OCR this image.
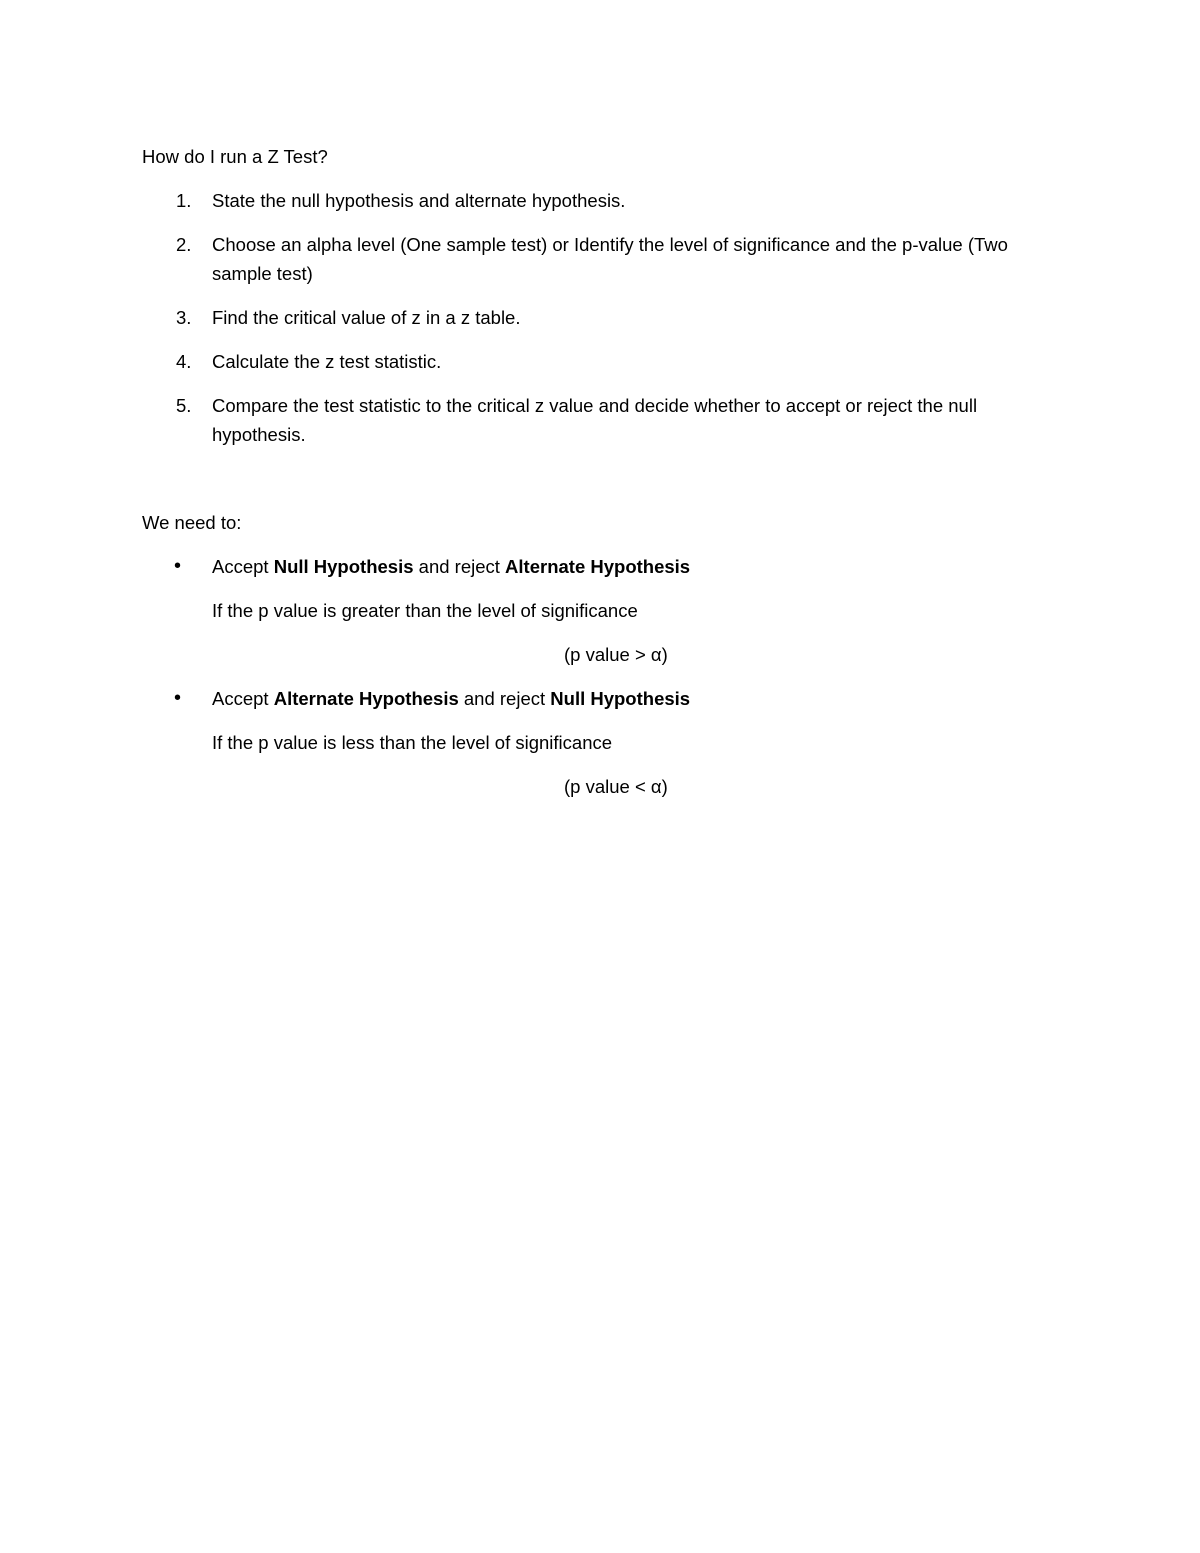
How do I run a Z Test?

1. State the null hypothesis and alternate hypothesis.
2. Choose an alpha level (One sample test) or Identify the level of significance and the p-value (Two sample test)
3. Find the critical value of z in a z table.
4. Calculate the z test statistic.
5. Compare the test statistic to the critical z value and decide whether to accept or reject the null hypothesis.

We need to:

• Accept Null Hypothesis and reject Alternate Hypothesis
If the p value is greater than the level of significance
(p value > α)
• Accept Alternate Hypothesis and reject Null Hypothesis
If the p value is less than the level of significance
(p value < α)
